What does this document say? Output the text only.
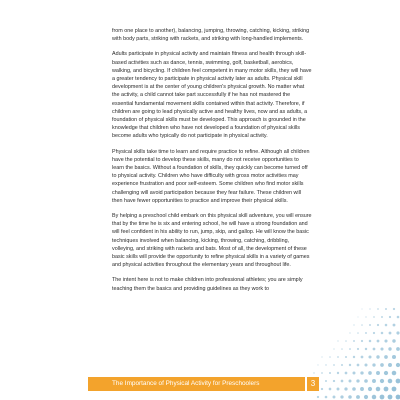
from one place to another), balancing, jumping, throwing, catching, kicking, striking with body parts, striking with rackets, and striking with long-handled implements.

Adults participate in physical activity and maintain fitness and health through skill-based activities such as dance, tennis, swimming, golf, basketball, aerobics, walking, and bicycling. If children feel competent in many motor skills, they will have a greater tendency to participate in physical activity later as adults. Physical skill development is at the center of young children's physical growth. No matter what the activity, a child cannot take part successfully if he has not mastered the essential fundamental movement skills contained within that activity. Therefore, if children are going to lead physically active and healthy lives, now and as adults, a foundation of physical skills must be developed. This approach is grounded in the knowledge that children who have not developed a foundation of physical skills become adults who typically do not participate in physical activity.

Physical skills take time to learn and require practice to refine. Although all children have the potential to develop these skills, many do not receive opportunities to learn the basics. Without a foundation of skills, they quickly can become turned off to physical activity. Children who have difficulty with gross motor activities may experience frustration and poor self-esteem. Some children who find motor skills challenging will avoid participation because they fear failure. These children will then have fewer opportunities to practice and improve their physical skills.

By helping a preschool child embark on this physical skill adventure, you will ensure that by the time he is six and entering school, he will have a strong foundation and will feel confident in his ability to run, jump, skip, and gallop. He will know the basic techniques involved when balancing, kicking, throwing, catching, dribbling, volleying, and striking with rackets and bats. Most of all, the development of these basic skills will provide the opportunity to refine physical skills in a variety of games and physical activities throughout the elementary years and throughout life.

The intent here is not to make children into professional athletes; you are simply teaching them the basics and providing guidelines as they work to

The Importance of Physical Activity for Preschoolers	3
